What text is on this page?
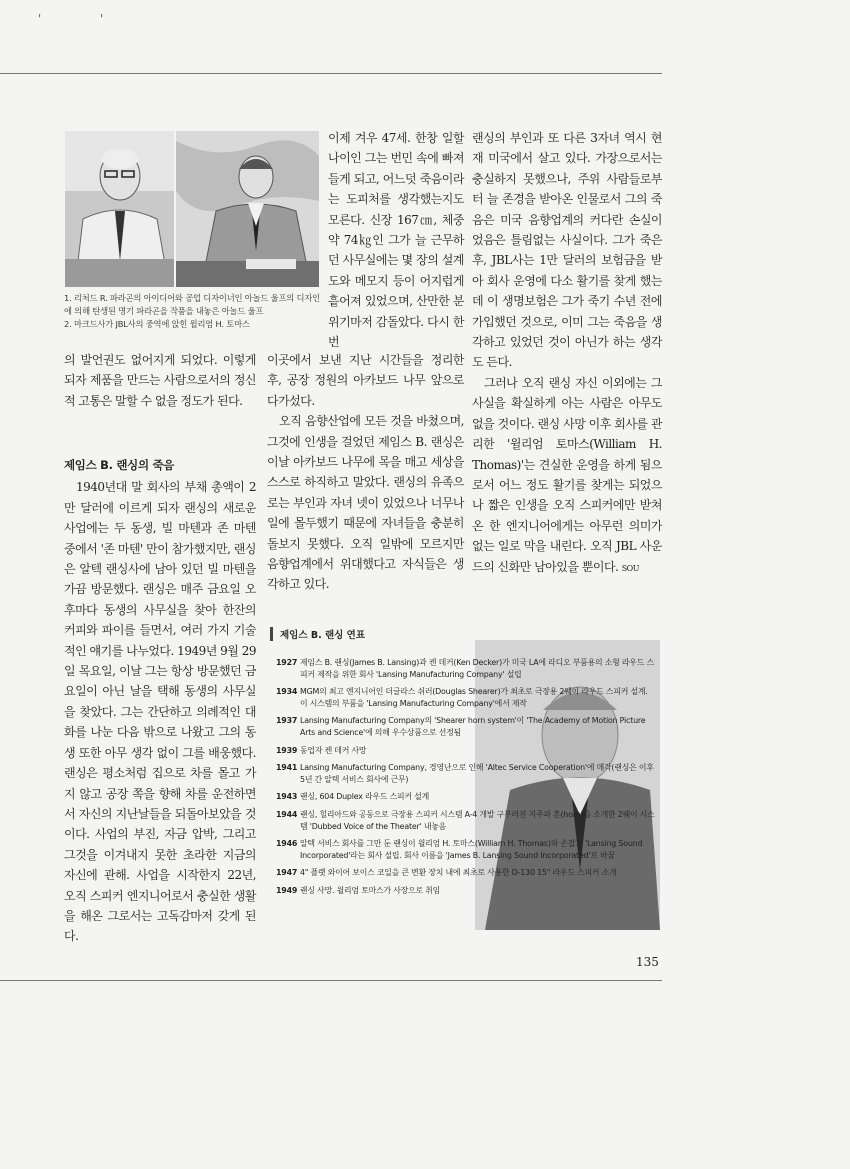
'	'
1. 리처드 R. 파라곤의 아이디어와 공업 디자이너인 아놀드 울프의 디자인
에 의해 탄생된 명기 파라곤을 작품을 내놓은 아놀드 울프
2. 마크드사가 JBL사의 중역에 앉힌 윌리엄 H. 토마스

의 발언권도 없어지게 되었다. 이렇게되자 제품을 만드는 사람으로서의 정신적 고통은 말할 수 없을 정도가 된다.

제임스 B. 랜싱의 죽음

1940년대 말 회사의 부채 총액이 2만 달러에 이르게 되자 랜싱의 새로운 사업에는 두 동생, 빌 마텐과 존 마텐 중에서 '존 마텐' 만이 참가했지만, 랜싱은 알텍 랜싱사에 남아 있던 빌 마텐을 가끔 방문했다. 랜싱은 매주 금요일 오후마다 동생의 사무실을 찾아 한잔의 커피와 파이를 들면서, 여러 가지 기술적인 얘기를 나누었다. 1949년 9월 29일 목요일, 이날 그는 항상 방문했던 금요일이 아닌 날을 택해 동생의 사무실을 찾았다. 그는 간단하고 의례적인 대화를 나눈 다음 밖으로 나왔고 그의 동생 또한 아무 생각 없이 그를 배웅했다. 랜싱은 평소처럼 집으로 차를 몰고 가지 않고 공장 쪽을 향해 차를 운전하면서 자신의 지난날들을 되돌아보았을 것이다. 사업의 부진, 자금 압박, 그리고 그것을 이겨내지 못한 초라한 지금의 자신에 관해. 사업을 시작한지 22년, 오직 스피커 엔지니어로서 충실한 생활을 해온 그로서는 고독감마저 갖게 된다.

이제 겨우 47세. 한창 일할 나이인 그는 번민 속에 빠져들게 되고, 어느덧 죽음이라는 도피처를 생각했는지도 모른다. 신장 167㎝, 체중 약 74㎏인 그가 늘 근무하던 사무실에는 몇 장의 설계도와 메모지 등이 어지럽게 흩어져 있었으며, 산만한 분위기마저 감돌았다. 다시 한번

이곳에서 보낸 지난 시간들을 정리한 후, 공장 정원의 아카보드 나무 앞으로 다가섰다.

오직 음향산업에 모든 것을 바쳤으며, 그것에 인생을 걸었던 제임스 B. 랜싱은 이날 아카보드 나무에 목을 매고 세상을 스스로 하직하고 말았다. 랜싱의 유족으로는 부인과 자녀 넷이 있었으나 너무나 일에 몰두했기 때문에 자녀들을 충분히 돌보지 못했다. 오직 일밖에 모르지만 음향업계에서 위대했다고 자식들은 생각하고 있다.

랜싱의 부인과 또 다른 3자녀 역시 현재 미국에서 살고 있다. 가장으로서는 충실하지 못했으나, 주위 사람들로부터 늘 존경을 받아온 인물로서 그의 죽음은 미국 음향업계의 커다란 손실이었음은 틀림없는 사실이다. 그가 죽은 후, JBL사는 1만 달러의 보험금을 받아 회사 운영에 다소 활기를 찾게 했는데 이 생명보험은 그가 죽기 수년 전에 가입했던 것으로, 이미 그는 죽음을 생각하고 있었던 것이 아닌가 하는 생각도 든다.

그러나 오직 랜싱 자신 이외에는 그 사실을 확실하게 아는 사람은 아무도 없을 것이다. 랜싱 사망 이후 회사를 관리한 '윌리엄 토마스(William H. Thomas)'는 견실한 운영을 하게 됨으로서 어느 정도 활기를 찾게는 되었으나 짧은 인생을 오직 스피커에만 받쳐온 한 엔지니어에게는 아무런 의미가 없는 일로 막을 내린다. 오직 JBL 사운드의 신화만 남아있을 뿐이다. SOU

제임스 B. 랜싱 연표
1927 제임스 B. 랜싱(James B. Lansing)과 켄 데커(Ken Decker)가 미국 LA에 라디오 부품용의 소형 라우드 스피커 제작을 위한 회사 'Lansing Manufacturing Company' 설립
1934 MGM의 최고 엔지니어인 더글라스 쉬러(Douglas Shearer)가 최초로 극장용 2웨이 라우드 스피커 설계. 이 시스템의 부품을 'Lansing Manufacturing Company'에서 제작
1937 Lansing Manufacturing Company의 'Shearer horn system'이 'The Academy of Motion Picture Arts and Science'에 의해 우수상품으로 선정됨
1939 동업자 켄 데커 사망
1941 Lansing Manufacturing Company, 경영난으로 인해 'Altec Service Cooperation'에 매각(랜싱은 이후 5년 간 알텍 서비스 회사에 근무)
1943 랜싱, 604 Duplex 라우드 스피커 설계
1944 랜싱, 힐리아드와 공동으로 극장용 스피커 시스템 A-4 개발 구부러진 지주파 혼(horn)을 소개한 2웨이 시스템 'Dubbed Voice of the Theater' 내놓음
1946 알텍 서비스 회사를 그만 둔 랜싱이 윌리엄 H. 토마스(William H. Thomas)와 손잡고 'Lansing Sound Incorporated'라는 회사 설립. 회사 이름을 'James B. Lansing Sound Incorporated'로 바꿈
1947 4" 플랫 와이어 보이스 코일을 큰 변환 장치 내에 최초로 사용한 D-130 15" 라우드 스피커 소개
1949 랜싱 사망. 윌리엄 토마스가 사장으로 취임
135
